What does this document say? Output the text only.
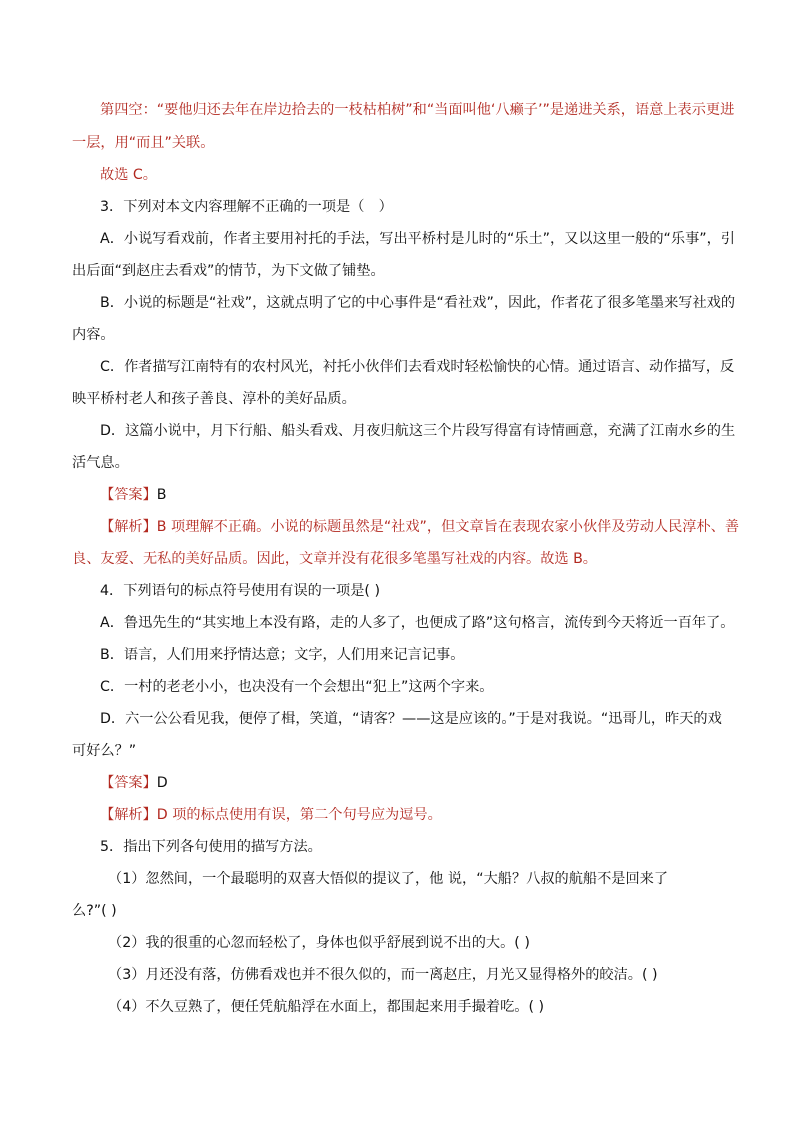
第四空：“要他归还去年在岸边拾去的一枝枯柏树”和“当面叫他‘八癞子’”是递进关系，语意上表示更进
一层，用“而且”关联。
故选 C。
3．下列对本文内容理解不正确的一项是（　）
A．小说写看戏前，作者主要用衬托的手法，写出平桥村是儿时的“乐土”，又以这里一般的“乐事”，引
出后面“到赵庄去看戏”的情节，为下文做了铺垫。
B．小说的标题是“社戏”，这就点明了它的中心事件是“看社戏”，因此，作者花了很多笔墨来写社戏的
内容。
C．作者描写江南特有的农村风光，衬托小伙伴们去看戏时轻松愉快的心情。通过语言、动作描写，反
映平桥村老人和孩子善良、淳朴的美好品质。
D．这篇小说中，月下行船、船头看戏、月夜归航这三个片段写得富有诗情画意，充满了江南水乡的生
活气息。
【答案】B
【解析】B 项理解不正确。小说的标题虽然是“社戏”，但文章旨在表现农家小伙伴及劳动人民淳朴、善
良、友爱、无私的美好品质。因此，文章并没有花很多笔墨写社戏的内容。故选 B。
4．下列语句的标点符号使用有误的一项是( )
A．鲁迅先生的“其实地上本没有路，走的人多了，也便成了路”这句格言，流传到今天将近一百年了。
B．语言，人们用来抒情达意；文字，人们用来记言记事。
C．一村的老老小小，也决没有一个会想出“犯上”这两个字来。
D．六一公公看见我，便停了楫，笑道，“请客？——这是应该的。”于是对我说。“迅哥儿，昨天的戏
可好么？”
【答案】D
【解析】D 项的标点使用有误，第二个句号应为逗号。
5．指出下列各句使用的描写方法。
（1）忽然间，一个最聪明的双喜大悟似的提议了，他 说，“大船？八叔的航船不是回来了
么?”( )
（2）我的很重的心忽而轻松了，身体也似乎舒展到说不出的大。( )
（3）月还没有落，仿佛看戏也并不很久似的，而一离赵庄，月光又显得格外的皎洁。( )
（4）不久豆熟了，便任凭航船浮在水面上，都围起来用手撮着吃。( )
